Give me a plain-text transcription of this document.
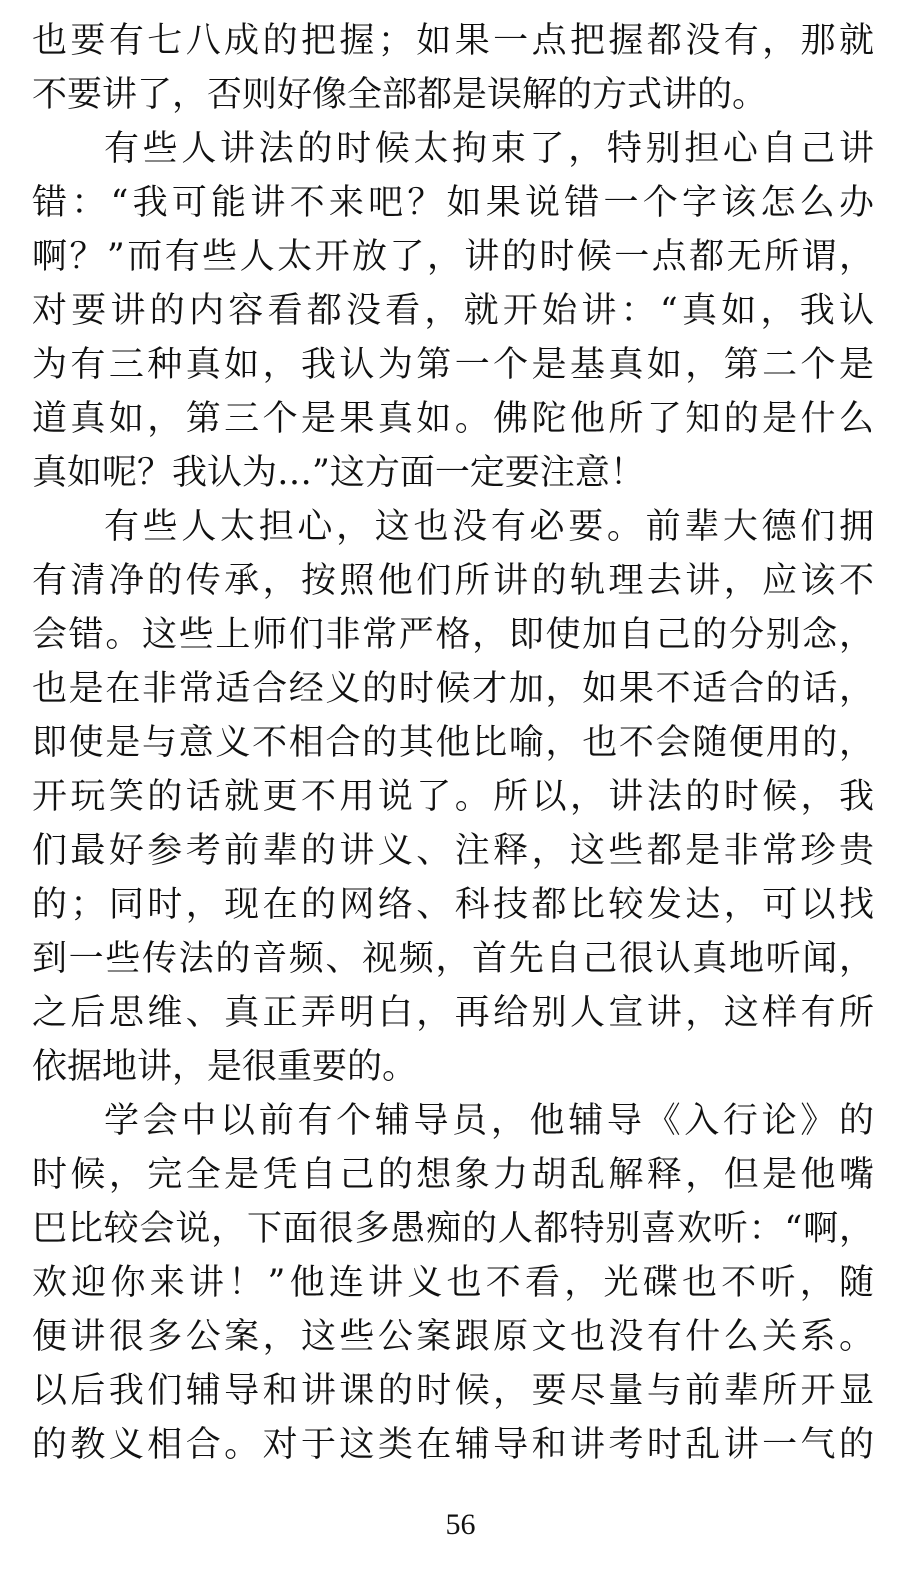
也要有七八成的把握；如果一点把握都没有，那就
不要讲了，否则好像全部都是误解的方式讲的。
有些人讲法的时候太拘束了，特别担心自己讲
错：“我可能讲不来吧？如果说错一个字该怎么办
啊？”而有些人太开放了，讲的时候一点都无所谓，
对要讲的内容看都没看，就开始讲：“真如，我认
为有三种真如，我认为第一个是基真如，第二个是
道真如，第三个是果真如。佛陀他所了知的是什么
真如呢？我认为…”这方面一定要注意！
有些人太担心，这也没有必要。前辈大德们拥
有清净的传承，按照他们所讲的轨理去讲，应该不
会错。这些上师们非常严格，即使加自己的分别念，
也是在非常适合经义的时候才加，如果不适合的话，
即使是与意义不相合的其他比喻，也不会随便用的，
开玩笑的话就更不用说了。所以，讲法的时候，我
们最好参考前辈的讲义、注释，这些都是非常珍贵
的；同时，现在的网络、科技都比较发达，可以找
到一些传法的音频、视频，首先自己很认真地听闻，
之后思维、真正弄明白，再给别人宣讲，这样有所
依据地讲，是很重要的。
学会中以前有个辅导员，他辅导《入行论》的
时候，完全是凭自己的想象力胡乱解释，但是他嘴
巴比较会说，下面很多愚痴的人都特别喜欢听：“啊，
欢迎你来讲！”他连讲义也不看，光碟也不听，随
便讲很多公案，这些公案跟原文也没有什么关系。
以后我们辅导和讲课的时候，要尽量与前辈所开显
的教义相合。对于这类在辅导和讲考时乱讲一气的
56
